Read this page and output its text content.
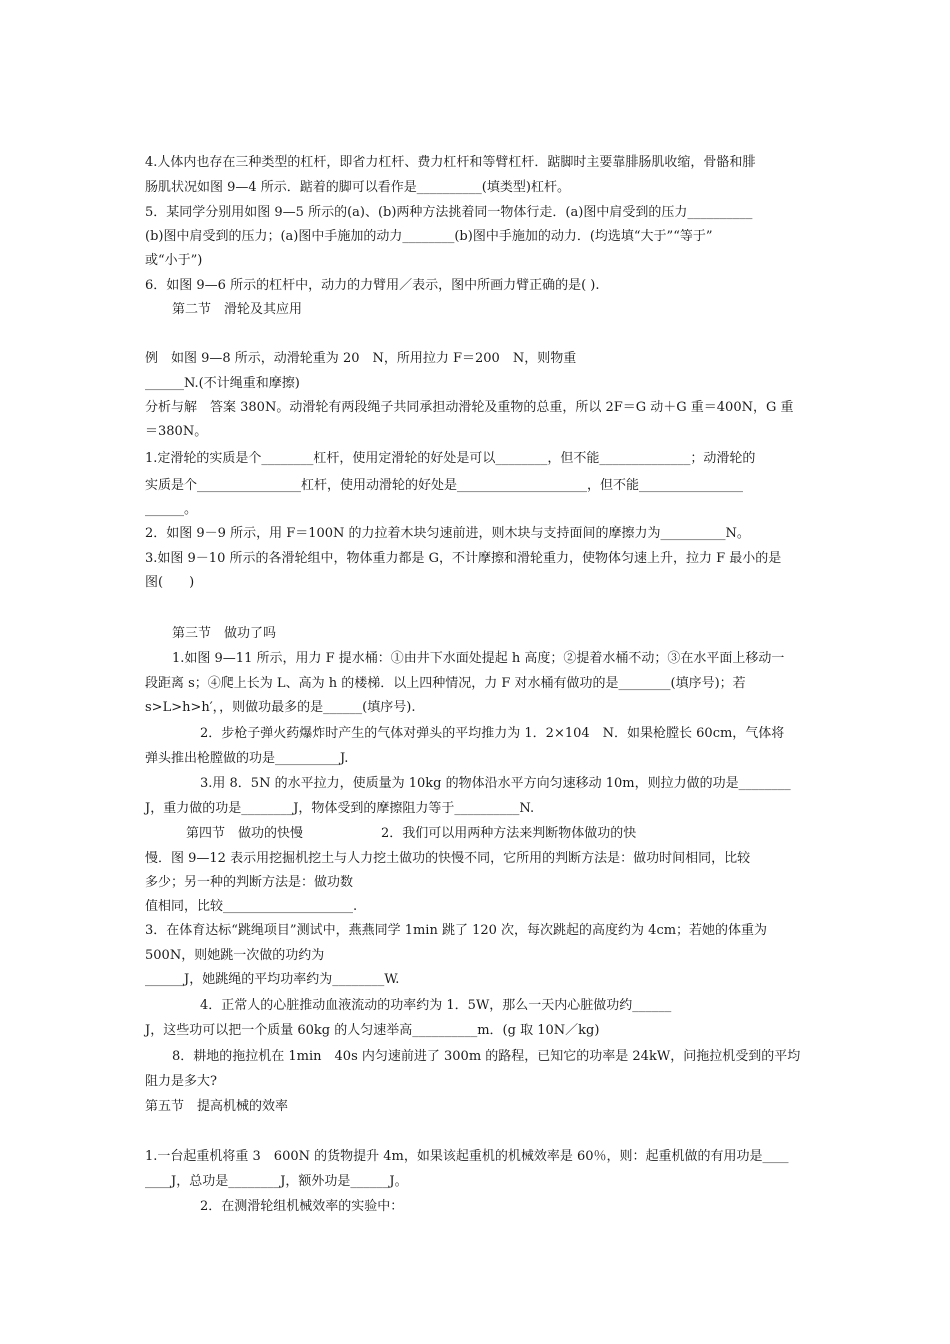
4.人体内也存在三种类型的杠杆，即省力杠杆、费力杠杆和等臂杠杆．踮脚时主要靠腓肠肌收缩，骨骼和腓
肠肌状况如图 9—4 所示．踮着的脚可以看作是__________(填类型)杠杆。
5．某同学分别用如图 9—5 所示的(a)、(b)两种方法挑着同一物体行走．(a)图中肩受到的压力__________
(b)图中肩受到的压力；(a)图中手施加的动力________(b)图中手施加的动力．(均选填“大于”“等于”
或“小于”)
6．如图 9—6 所示的杠杆中，动力的力臂用／表示，图中所画力臂正确的是( ).
第二节　滑轮及其应用
例　如图 9—8 所示，动滑轮重为 20　N，所用拉力 F＝200　N，则物重
______N.(不计绳重和摩擦)
分析与解　答案 380N。动滑轮有两段绳子共同承担动滑轮及重物的总重，所以 2F＝G 动＋G 重＝400N，G 重
＝380N。
1.定滑轮的实质是个________杠杆，使用定滑轮的好处是可以________，但不能______________；动滑轮的
实质是个________________杠杆，使用动滑轮的好处是____________________，但不能________________
______。
2．如图 9－9 所示，用 F＝100N 的力拉着木块匀速前进，则木块与支持面间的摩擦力为__________N。
3.如图 9－10 所示的各滑轮组中，物体重力都是 G，不计摩擦和滑轮重力，使物体匀速上升，拉力 F 最小的是
图(　　)
第三节　做功了吗
1.如图 9—11 所示，用力 F 提水桶：①由井下水面处提起 h 高度；②提着水桶不动；③在水平面上移动一
段距离 s；④爬上长为 L、高为 h 的楼梯．以上四种情况，力 F 对水桶有做功的是________(填序号)；若
s>L>h>h′，，则做功最多的是______(填序号).
2．步枪子弹火药爆炸时产生的气体对弹头的平均推力为 1．2×104　N．如果枪膛长 60cm，气体将
弹头推出枪膛做的功是__________J.
3.用 8．5N 的水平拉力，使质量为 10kg 的物体沿水平方向匀速移动 10m，则拉力做的功是________
J，重力做的功是________J，物体受到的摩擦阻力等于__________N.
第四节　做功的快慢　　　　　　2．我们可以用两种方法来判断物体做功的快
慢．图 9—12 表示用挖掘机挖土与人力挖土做功的快慢不同，它所用的判断方法是：做功时间相同，比较
多少；另一种的判断方法是：做功数
值相同，比较____________________.
3．在体育达标“跳绳项目”测试中，燕燕同学 1min 跳了 120 次，每次跳起的高度约为 4cm；若她的体重为
500N，则她跳一次做的功约为
______J，她跳绳的平均功率约为________W.
4．正常人的心脏推动血液流动的功率约为 1．5W，那么一天内心脏做功约______
J，这些功可以把一个质量 60kg 的人匀速举高__________m．(g 取 10N／kg)
8．耕地的拖拉机在 1min　40s 内匀速前进了 300m 的路程，已知它的功率是 24kW，问拖拉机受到的平均
阻力是多大?
第五节　提高机械的效率
1.一台起重机将重 3　600N 的货物提升 4m，如果该起重机的机械效率是 60％，则：起重机做的有用功是____
____J，总功是________J，额外功是______J。
2．在测滑轮组机械效率的实验中：
